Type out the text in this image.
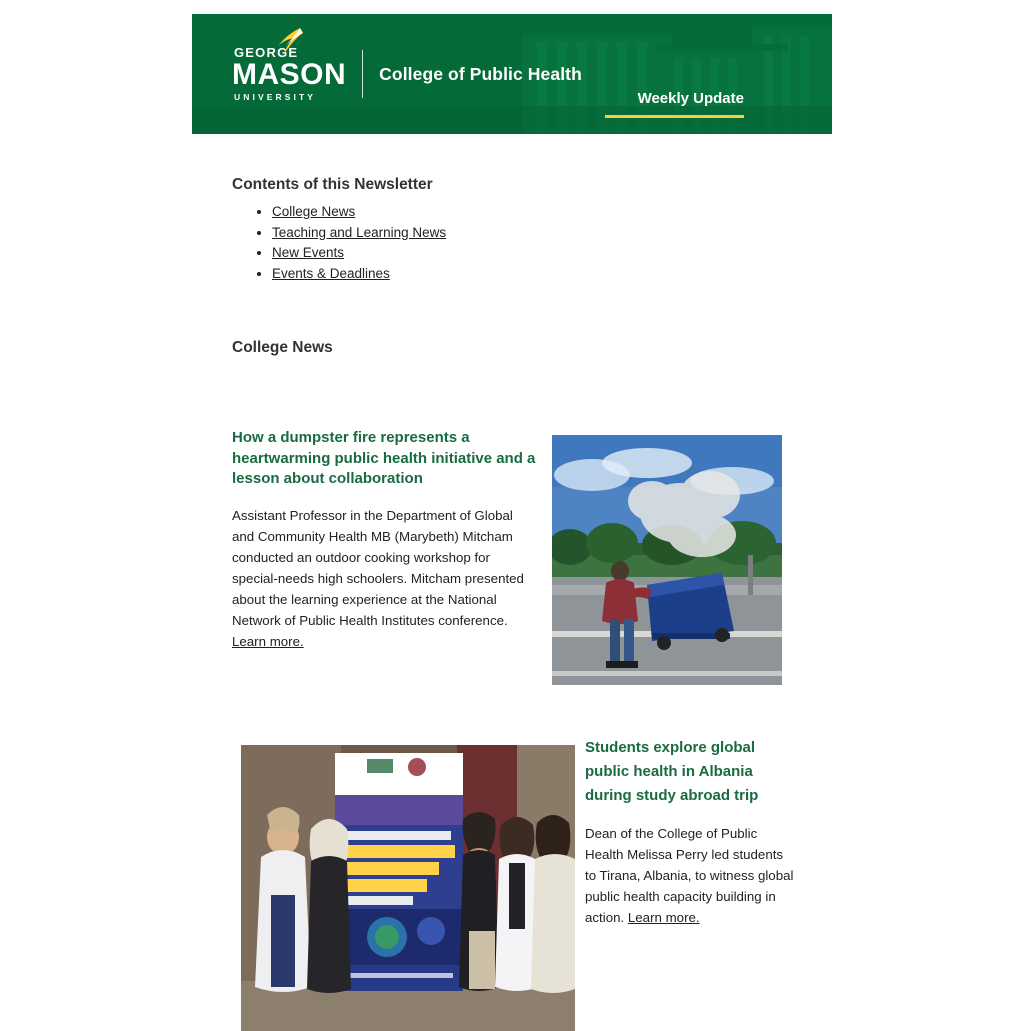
GEORGE
MASON
UNIVERSITY
College of Public Health
Weekly Update
Contents of this Newsletter
• College News
• Teaching and Learning News
• New Events
• Events & Deadlines
College News
How a dumpster fire represents a heartwarming public health initiative and a lesson about collaboration

Assistant Professor in the Department of Global and Community Health MB (Marybeth) Mitcham conducted an outdoor cooking workshop for special-needs high schoolers. Mitcham presented about the learning experience at the National Network of Public Health Institutes conference. Learn more.

Students explore global public health in Albania during study abroad trip

Dean of the College of Public Health Melissa Perry led students to Tirana, Albania, to witness global public health capacity building in action. Learn more.
